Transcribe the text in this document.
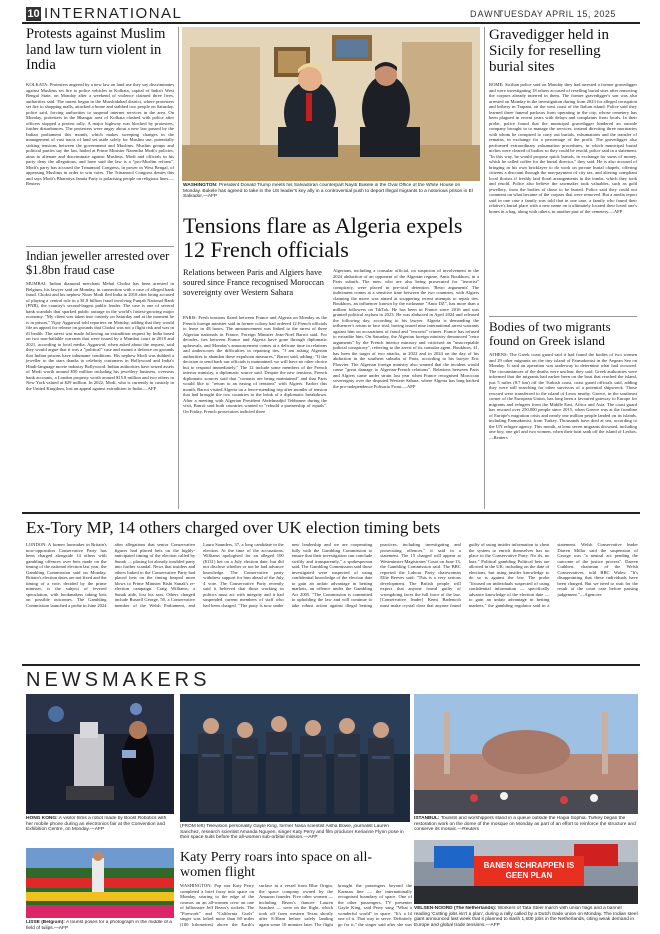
10 INTERNATIONAL	DAWN
TUESDAY APRIL 15, 2025
Protests against Muslim land law turn violent in India
KOLKATA: Protesters angered by a new law on land use they say discriminates against Muslims set fire to police vehicles in Kolkata, capital of India's West Bengal State, on Monday after a weekend of violence claimed three lives, authorities said. The unrest began in the Murshidabad district, where protesters set fire to shopping malls, attacked a home and stabbed two people on Saturday, police said, forcing authorities to suspend internet services in the area. On Monday, protesters in the Bhangar area of Kolkata clashed with police after officers stopped a protest rally. A major highway was blocked by protesters, further disturbances. The protesters were angry about a new law passed by the Indian parliament this month, which makes sweeping changes in the management of vast tracts of land set aside solely for Muslim use, potentially stoking tensions between the government and Muslims. Muslim groups and political parties say the law, hailed at Prime Minister Narendra Modi's policies, aims to alienate and discriminate against Muslims. Modi and officials in his party deny the allegations, and have said the law is a "pro-Muslim reform". Modi's party has accused the Trinamool Congress, in power in West Bengal, of appeasing Muslims in order to win votes. The Trinamool Congress denies this and says Modi's Bharatiya Janata Party is polarising people on religious lines.—Reuters
Indian jeweller arrested over $1.8bn fraud case
MUMBAI: Indian diamond merchant Mehul Choksi has been arrested in Belgium, his lawyer said on Monday, in connection with a case of alleged bank fraud. Choksi and his nephew Nirav Modi fled India in 2018 after being accused of playing a central role in a $1.8 billion fraud involving Punjab National Bank (PNB), the country's second-largest public lender. The case is one of several bank scandals that sparked public outrage in the world's fastest-growing major economy. "My client was taken into custody on Saturday and at the moment he is in prison," Vijay Aggarwal told reporters on Monday, adding that they would file an appeal for release on grounds that Choksi was not a flight risk and was in ill health. The arrest was made following an extradition request by India based on two non-bailable warrants that were issued by a Mumbai court in 2018 and 2021, according to local media. Aggarwal, when asked about the request, said they would argue that it was a "political" case and mount a defence on grounds that Indian prisons have inhumane conditions. His nephew Modi was dubbed a jeweller to the stars thanks to celebrity customers in Hollywood and India's Hindi-language movie industry Bollywood. Indian authorities have seized assets of Modi worth around $50 million including his jewellery business, overseas bank accounts, a London property worth around $15.8 million and two others in New York valued at $29 million. In 2022, Modi, who is currently in custody in the United Kingdom, lost an appeal against extradition to India.—AFP
WASHINGTON: President Donald Trump meets his Salvadoran counterpart Nayib Bukele in the Oval Office of the White House on Monday. Bukele has agreed to take in the US leader's key ally in a controversial push to deport illegal migrants to a notorious prison in El Salvador.—AFP
Tensions flare as Algeria expels 12 French officials
Relations between Paris and Algiers have soured since France recognised Moroccan sovereignty over Western Sahara
PARIS: Fresh tensions flared between France and Algeria on Monday as the French foreign minister said in former colony had ordered 12 French officials to leave in 48 hours. The announcement was linked to the arrest of three Algerian nationals in France, Foreign Minister Jean-Noel Barrot said. For decades, ties between France and Algeria have gone through diplomatic upheavals, and Monday's announcement comes at a delicate time in relations and underscores the difficulties in repairing ties. "I am asking Algerian authorities to abandon these expulsion measures," Barrot said, adding: "If the decision to send back our officials is maintained, we will have no other choice but to respond immediately." The 12 include some members of the French interior ministry, a diplomatic source said. Despite the new tensions, French diplomatic sources said that "contacts are being maintained" and that Paris would like to "return to an easing of tensions" with Algiers. Earlier this month, Barrot visited Algeria on a fence-mending trip after months of tension that had brought the two countries to the brink of a diplomatic breakdown. After a meeting with Algerian President Abdelmadjid Tebboune during the visit, Barrot said both countries wanted to "rebuild a partnership of equals". On Friday, French prosecutors indicted three
Algerians, including a consular official, on suspicion of involvement in the 2024 abduction of an opponent of the Algerian regime, Amir Boukhors, in a Paris suburb. The men, who are also being prosecuted for "terrorist" conspiracy, were placed in pre-trial detention. 'Retro arguments' The indictment comes at a sensitive time between the two countries, with Algiers claiming the move was aimed at scuppering recent attempts to repair ties. Boukhors, an influencer known by the nickname "Amir DZ", has more than a million followers on TikTok. He has been in France since 2016 and was granted political asylum in 2023. He was abducted in April 2024 and released the following day, according to his lawyer. Algeria is demanding the influencer's return to face trial, having issued nine international arrest warrants against him on accusations of fraud and "terrorist" crimes. France has refused to extradite him. On Saturday, the Algerian foreign ministry denounced "retro arguments" by the French interior ministry and criticised an "unacceptable judicial conspiracy", referring to the arrest of its consular agent. Boukhors, 41, has been the target of two attacks, in 2022 and in 2024 on the day of his abduction in the southern suburbs of Paris, according to his lawyer Eric Plouvier. The Algerian foreign ministry also warned that the incident would cause "great damage to Algerian-French relations". Relations between Paris and Algiers came under strain last year when France recognised Moroccan sovereignty over the disputed Western Sahara, where Algeria has long backed the pro-independence Polisario Front.—AFP
Gravedigger held in Sicily for reselling burial sites
ROME: Sicilian police said on Monday they had arrested a former gravedigger and were investigating 18 others accused of reselling burial sites after removing the corpses already interred in them. The former gravedigger's son was also arrested on Monday in the investigation during from 2023 for alleged corruption and bribery in Trapani, on the west coast of the Italian island. Police said they learned three funeral parlours from operating in the city, whose cemetery has been plagued in recent years with delays and complaints from locals. In their probe, police found that the municipal gravedigger hindered an outside company brought in to manage the services, instead directing three mortuaries with whom he conspired to carry out burials, exhumations and the transfer of remains, in exchange for a percentage of the profit. The gravedigger also performed extraordinary exhumation procedures, in which municipal burial niches were cleared of bodies so they could be resold, police said in a statement. "In this way, he would propose quick burials, in exchange for sums of money, which he called coffee for the burial director," they said. He is also accused of bringing in his own bricklayer to do work on private burial chapels, offering citizens a discount through the non-payment of city tax, and altering compliant local florists if freshly laid floral arrangements in the tombs, which they took and resold. Police also believe the sawmaker took valuables, such as gold jewellery, from the bodies of those to be buried. Police said they could not comment on what became of the corpses that were removed. But a media report said in one case a family was told that in one case, a family who found their relative's burial place with a new name on it ultimately located their loved one's bones in a bag, along with others, in another part of the cemetery.—AFP
Bodies of two migrants found on Greek island
ATHENS: The Greek coast guard said it had found the bodies of two women and 29 other migrants on the tiny island of Farmakonisi in the Aegean Sea on Monday. It said an operation was underway to determine what had occurred. The circumstances of the deaths were unclear, they said. Greek authorities were informed that the migrants had earlier been on the boat that reached the island, just 5 miles (8.7 km) off the Turkish coast, coast guard officials said, adding they were still searching for other survivors of a potential shipwreck. Those rescued were transferred to the island of Leros nearby. Greece, in the southeast corner of the European Union, has long been a favoured gateway to Europe for migrants and refugees from the Middle East, Africa and Asia. The coast guard has rescued over 250,000 people since 2015, when Greece was at the frontline of Europe's migration crisis and nearly one million people landed on its islands, including Farmakonisi, from Turkey. Thousands have died at sea, according to the UN refugee agency. This month, at least seven migrants drowned, including one boy, one girl and two women, when their boat sank off the island of Lesbos.—Reuters
Ex-Tory MP, 14 others charged over UK election timing bets
LONDON: A former lawmaker in Britain's now-opposition Conservative Party has been charged alongside 14 others with gambling offences over bets made on the timing of the national election last year, the Gambling Commission said on Monday. Britain's election dates are not fixed and the timing of a vote, decided by the prime minister, is the subject of fevered speculation, with bookmakers taking bets on possible outcomes. The Gambling Commission launched a probe in June 2024 after allegations that senior Conservative figures had placed bets on the highly-anticipated timing of the election called by Sunak — placing lot already troubled party into further scandal. News that insiders and others linked to the Conservative Party had placed bets on the timing heaped more blows to Prime Minister Rishi Sunak's re-election campaign. Craig Williams, a Sunak aide, lost his seat. Others charged include Russell George, 50, a Conservative member of the Welsh Parliament, and Laura Saunders, 37, a long candidate in the election. At the time of the accusations, Williams apologised for an alleged 100 ($131) bet on a July election date, but did not disclose whether or not he had advance knowledge. The Conservative party withdrew support for him ahead of the July 4 vote. The Conservative Party recently said it believed that those working in politics must act with integrity and it had suspended current members of staff who had been charged. "The party is now under new leadership and we are cooperating fully with the Gambling Commission to ensure that their investigation can conclude swiftly and transparently," a spokesperson said. The Gambling Commission said those investigated were suspected of using confidential knowledge of the election date to gain an unfair advantage in betting markets, an offence under the Gambling Act 2005. "The Commission is committed to upholding the law and will continue to take robust action against illegal betting practices, including investigating and prosecuting offences," it said in a statement. The 15 charged will appear at Westminster Magistrates' Court on June 13, the Gambling Commission said. The BBC reported the Labour Party chairwoman Ellie Reeves said: "This is a very serious development. The British people will expect that anyone found guilty of wrongdoing faces the full force of the law. [Conservative leader] Kemi Badenoch must make crystal clear that anyone found guilty of using insider information to cheat the system to enrich themselves has no place in the Conservative Party. No ifs, no buts." Political gambling Political bets are allowed in the UK, including on the date of elections, but using insider knowledge to do so is against the law. The probe "focused on individuals suspected of using confidential information — specifically advance knowledge of the election date — to gain an unfair advantage in betting markets," the gambling regulator said in a statement. Welsh Conservative leader Darren Millar said the suspension of George was "a neutral act pending the outcome of the justice process". Darren Cuthbert, chairman of the Welsh Conservatives, told BBC Wales: "It's disappointing that these individuals have been charged. But we need to wait for the result of the court case before passing judgement."—Agencies
NEWSMAKERS
HONG KONG: A visitor films a robot made by Boost Robotics with her mobile phone during an electronics fair at the Convention and Exhibition Centre, on Monday.—AFP
LISSE (Belgium): A tourist poses for a photograph in the middle of a field of tulips.—AFP
(FROM left) Television personality Gayle King, former Nasa scientist Aisha Bowe, journalist Lauren Sanchez, research scientist Amanda Nguyen, singer Katy Perry and film producer Kerianne Flynn pose in their space suits before the all-women sub-orbital mission.—AFP
Katy Perry roars into space on all-women flight
WASHINGTON: Pop star Katy Perry completed a brief foray into space on Monday, soaring to the edge of the cosmos on an all-women crew on one of billionaire Jeff Bezos's rockets. The "Firework" and "California Gurls" singer was lofted more than 60 miles (100 kilometres) above the Earth's surface in a vessel from Blue Origin, the space company owned by the Amazon founder. Five other women — including Bezos's fiancee Lauren Sanchez — were on the flight, which took off from western Texas shortly after 8:30am before safely landing again some 10 minutes later. The flight brought the passengers beyond the Karman line — the internationally recognised boundary of space. One of the other passengers, TV presenter Gayle King, said Perry sang "What a wonderful world" in space. "It's a lil one of it. That way to serve. Definitely go for it," the singer said after she was
ISTANBUL: Tourists and worshippers stand in a queue outside the Hagia Sophia. Turkey began the restoration work on the dome of the mosque on Monday as part of an effort to reinforce the structure and conserve its mosaic.—Reuters
BANEN SCHRAPPEN IS GEEN PLAN
VELSEN-NOORD (The Netherlands): Workers of Tata Steel march with union flags and a banner reading 'Cutting jobs isn't a plan', during a rally called by a Dutch trade union on Monday. The Indian steel giant announced last week that it planned to slash 1,600 jobs in the Netherlands, citing weak demand in Europe and global trade tensions.—AFP
